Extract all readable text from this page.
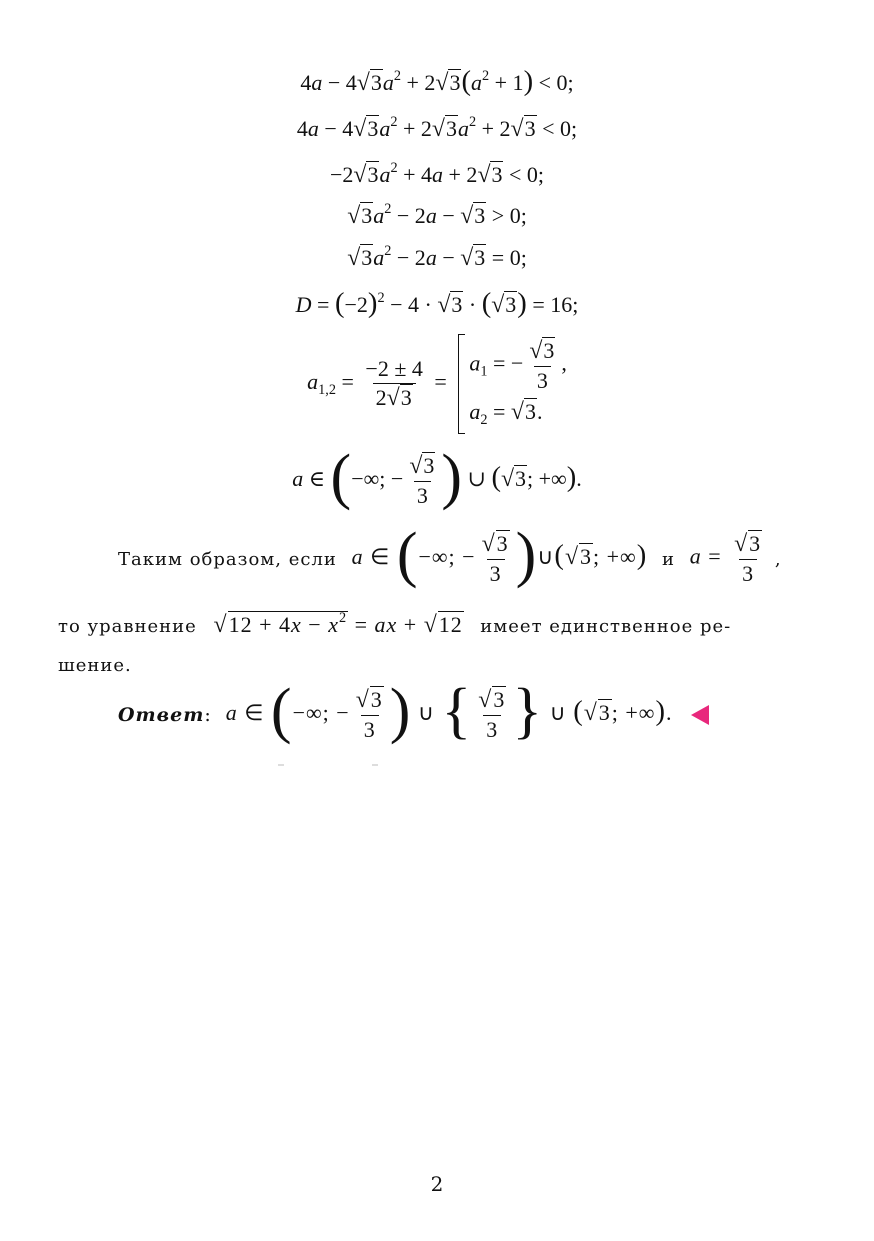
$4a - 4√3a^2 + 2√3(a^2 + 1) < 0$;
$4a - 4√3a^2 + 2√3a^2 + 2√3 < 0$;
$-2√3a^2 + 4a + 2√3 < 0$;
$√3a^2 - 2a - √3 > 0$;
$√3a^2 - 2a - √3 = 0$;
$D = (-2)^2 - 4 \cdot √3 \cdot (√3) = 16$;
$a_{1,2} = \frac{-2 \pm 4}{2√3}$ =
$a_1$ = − $\frac{√3}{3}$ ,
$a_2 = √3$.
a ∈ (−∞; − $\frac{√3}{3}$ ) ∪ (√3; +∞).
Таким образом, если a ∈ (−∞; − $\frac{√3}{3}$ )∪(√3; +∞) и $a = \frac{√3}{3}$ ,
то уравнение $√12 + 4x - x^2$ = ax + √12 имеет единственное ре-
шение.
Ответ : a ∈ (−∞; − $\frac{√3}{3}$ ) ∪ { $\frac{√3}{3}$ } ∪ (√3; +∞).
2
